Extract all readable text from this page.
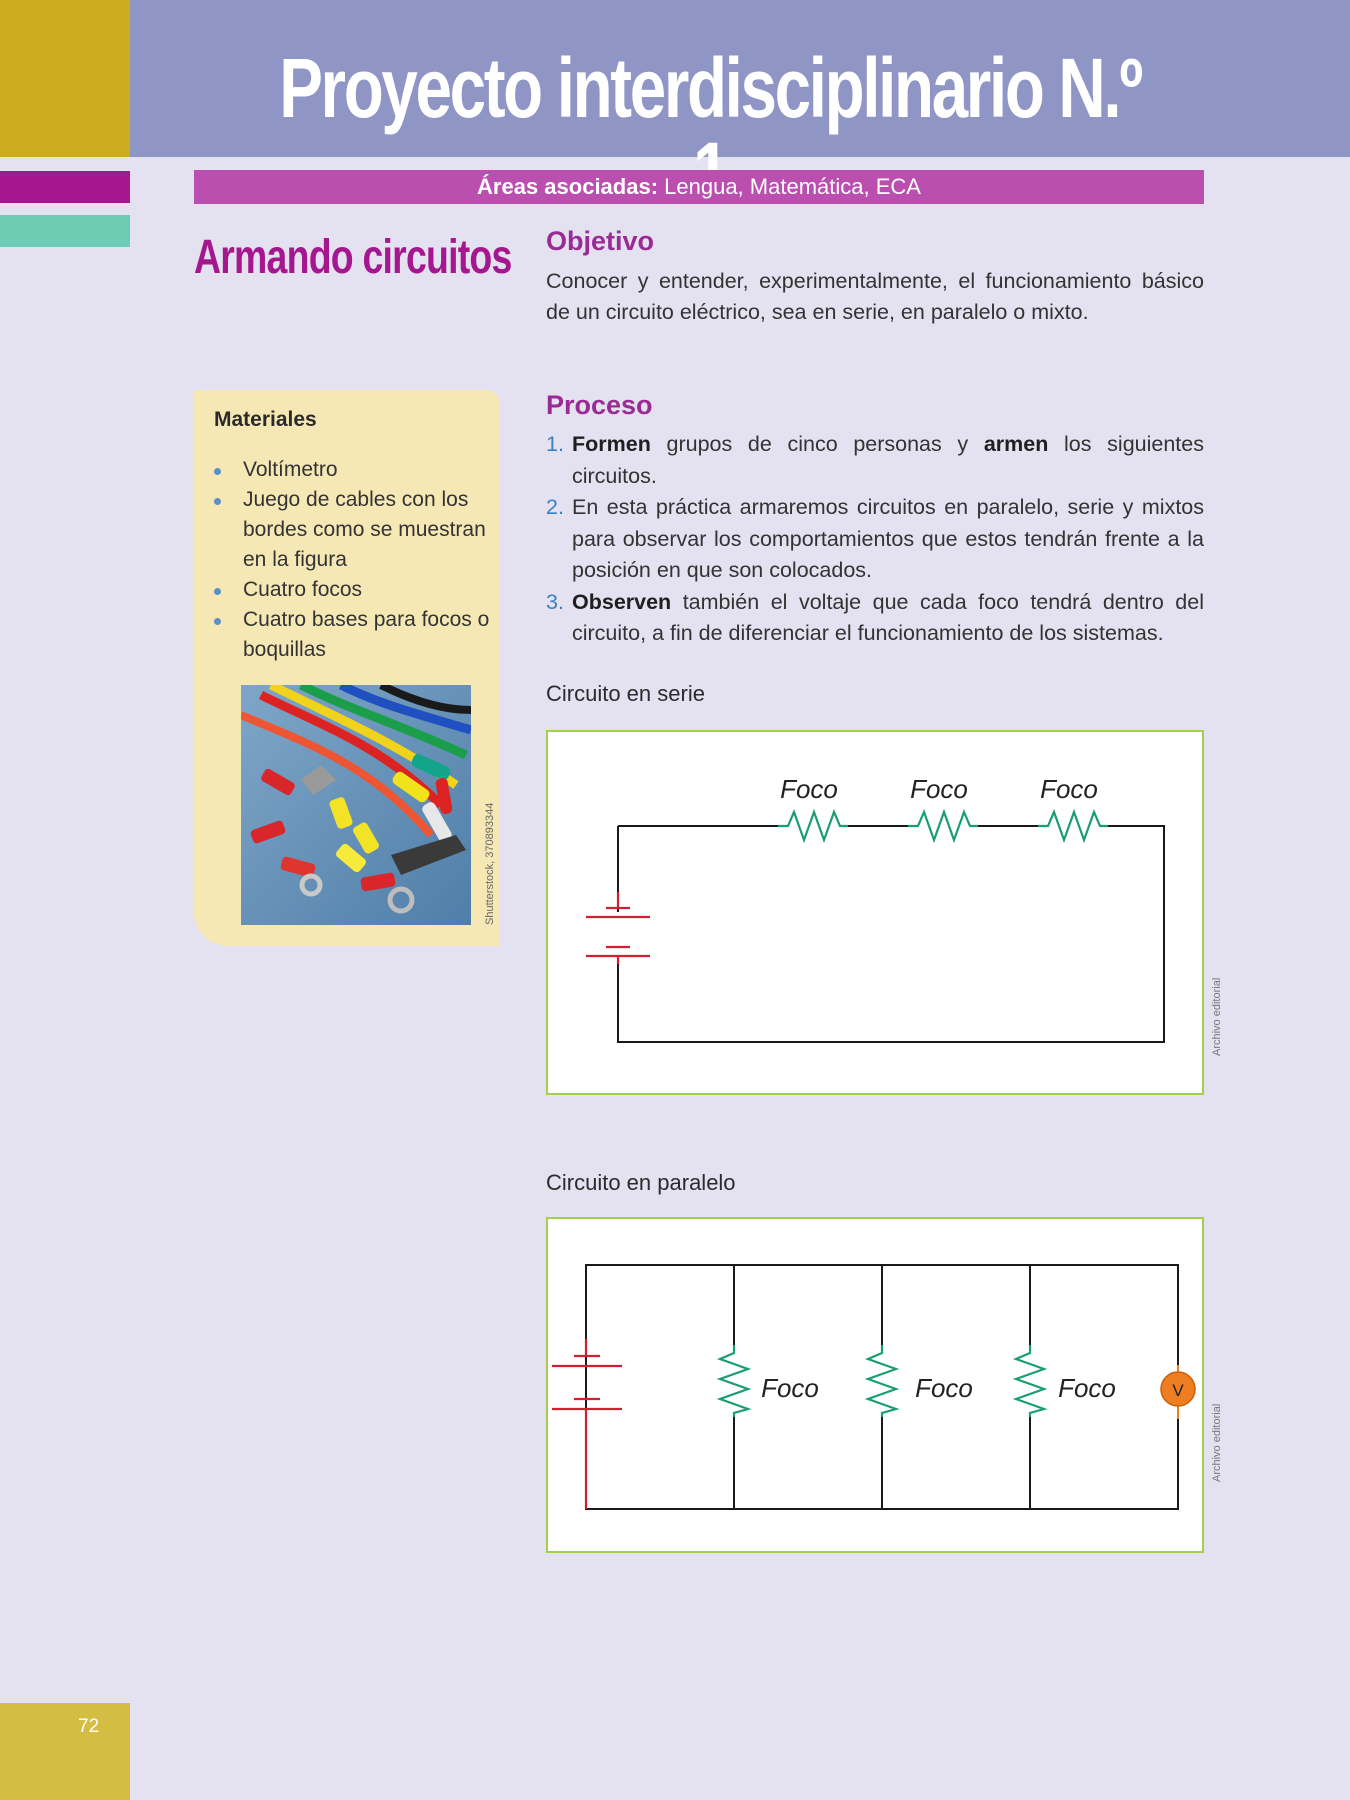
Proyecto interdisciplinario N.º
Áreas asociadas: Lengua, Matemática, ECA
Armando circuitos Objetivo
Conocer y entender, experimentalmente, el funcionamiento básico de un circuito eléctrico, sea en serie, en paralelo o mixto.
Materiales
Voltímetro
Juego de cables con los bordes como se muestran en la figura
Cuatro focos
Cuatro bases para focos o boquillas
Shutterstock, 370893344
Proceso
1. Formen grupos de cinco personas y armen los siguientes circuitos.
2. En esta práctica armaremos circuitos en paralelo, serie y mixtos para observar los comportamientos que estos tendrán frente a la posición en que son colocados.
3. Observen también el voltaje que cada foco tendrá dentro del circuito, a fin de diferenciar el funcionamiento de los sistemas.
Circuito en serie
Foco	Foco	Foco
Archivo editorial
Circuito en paralelo
V
Foco	Foco	Foco
Archivo editorial
72
